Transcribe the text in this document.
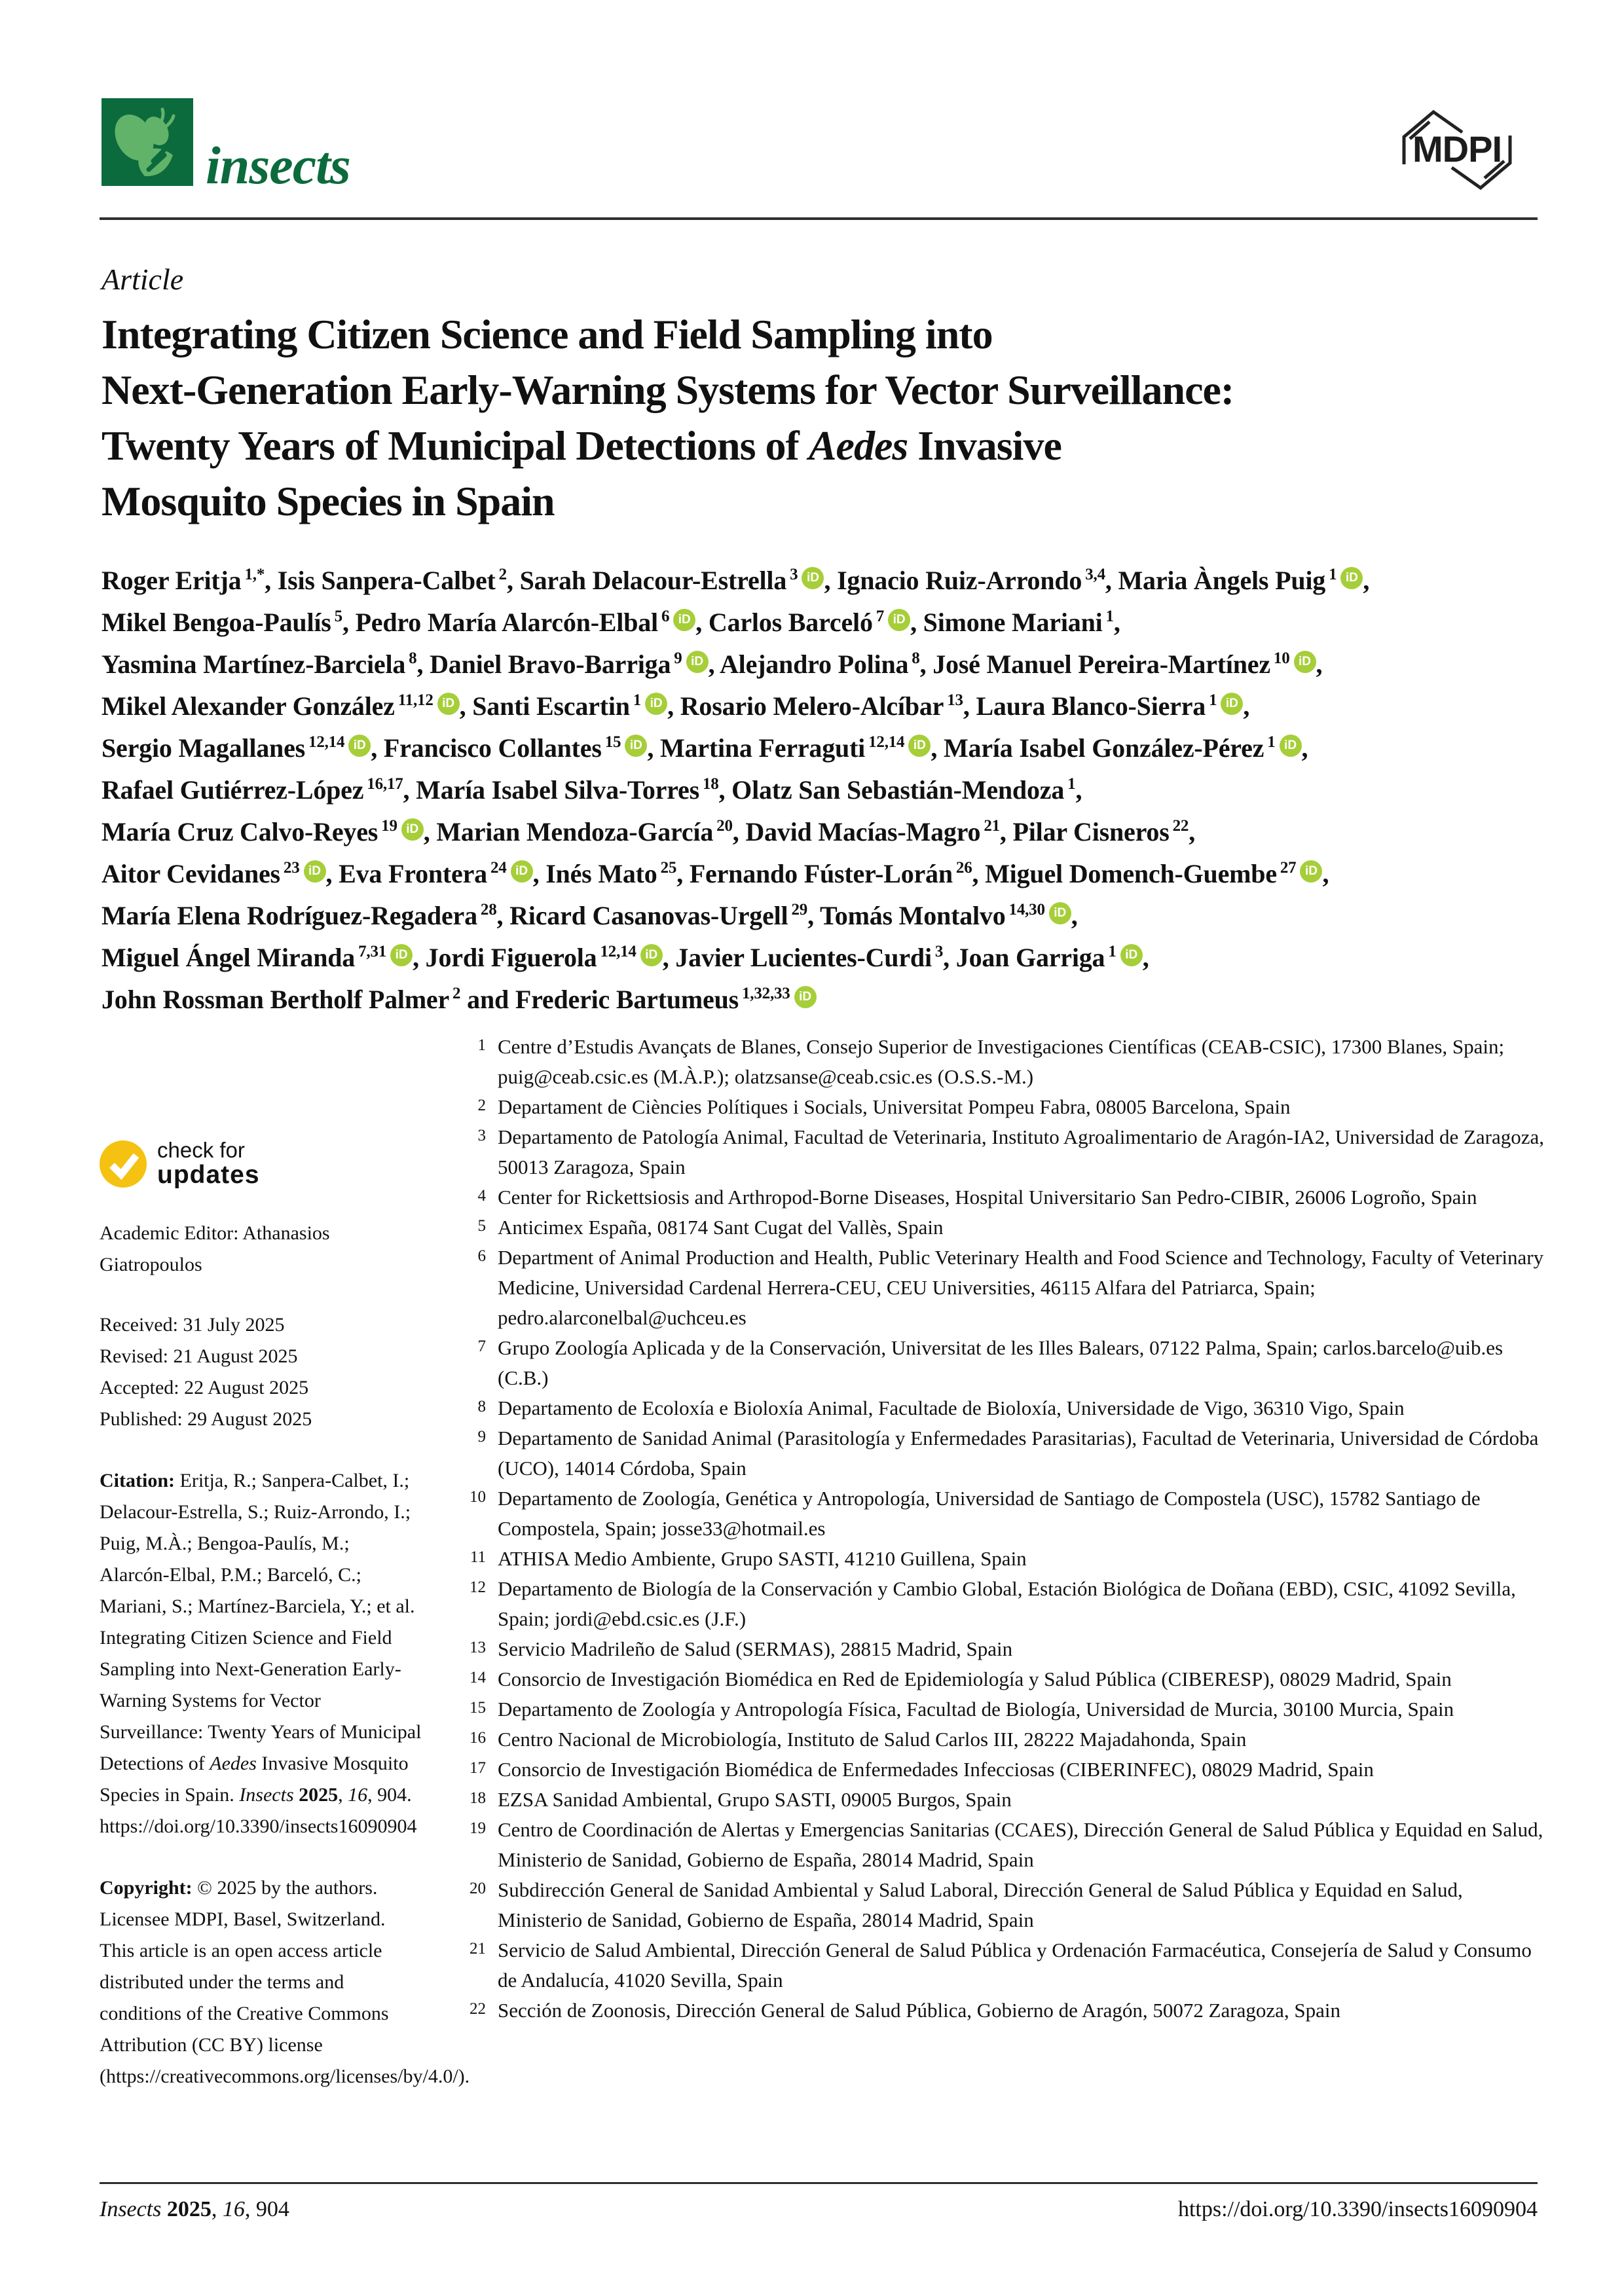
insects	MDPI
Article
Integrating Citizen Science and Field Sampling into
Next-Generation Early-Warning Systems for Vector Surveillance:
Twenty Years of Municipal Detections of Aedes Invasive
Mosquito Species in Spain
Roger Eritja $^{1,*}$, Isis Sanpera-Calbet $^2$, Sarah Delacour-Estrella $^3$ iD , Ignacio Ruiz-Arrondo $^{3,4}$, Maria Àngels Puig $^1$ iD ,
Mikel Bengoa-Paulís $^5$, Pedro María Alarcón-Elbal $^6$ iD , Carlos Barceló $^7$ iD , Simone Mariani $^1$,
Yasmina Martínez-Barciela $^8$, Daniel Bravo-Barriga $^9$ iD , Alejandro Polina $^8$, José Manuel Pereira-Martínez $^{10}$ iD ,
Mikel Alexander González $^{11,12}$ iD , Santi Escartin $^1$ iD , Rosario Melero-Alcíbar $^{13}$, Laura Blanco-Sierra $^1$ iD ,
Sergio Magallanes $^{12,14}$ iD , Francisco Collantes $^{15}$ iD , Martina Ferraguti $^{12,14}$ iD , María Isabel González-Pérez $^1$ iD ,
Rafael Gutiérrez-López $^{16,17}$, María Isabel Silva-Torres $^{18}$, Olatz San Sebastián-Mendoza $^1$,
María Cruz Calvo-Reyes $^{19}$ iD , Marian Mendoza-García $^{20}$, David Macías-Magro $^{21}$, Pilar Cisneros $^{22}$,
Aitor Cevidanes $^{23}$ iD , Eva Frontera $^{24}$ iD , Inés Mato $^{25}$, Fernando Fúster-Lorán $^{26}$, Miguel Domench-Guembe $^{27}$ iD ,
María Elena Rodríguez-Regadera $^{28}$, Ricard Casanovas-Urgell $^{29}$, Tomás Montalvo $^{14,30}$ iD ,
Miguel Ángel Miranda $^{7,31}$ iD , Jordi Figuerola $^{12,14}$ iD , Javier Lucientes-Curdi $^3$, Joan Garriga $^1$ iD ,
John Rossman Bertholf Palmer $^2$ and Frederic Bartumeus $^{1,32,33}$ iD
1 Centre d’Estudis Avançats de Blanes, Consejo Superior de Investigaciones Científicas (CEAB-CSIC), 17300 Blanes, Spain; puig@ceab.csic.es (M.À.P.); olatzsanse@ceab.csic.es (O.S.S.-M.)
2 Departament de Ciències Polítiques i Socials, Universitat Pompeu Fabra, 08005 Barcelona, Spain
3 Departamento de Patología Animal, Facultad de Veterinaria, Instituto Agroalimentario de Aragón-IA2, Universidad de Zaragoza, 50013 Zaragoza, Spain
4 Center for Rickettsiosis and Arthropod-Borne Diseases, Hospital Universitario San Pedro-CIBIR, 26006 Logroño, Spain
5 Anticimex España, 08174 Sant Cugat del Vallès, Spain
6 Department of Animal Production and Health, Public Veterinary Health and Food Science and Technology, Faculty of Veterinary Medicine, Universidad Cardenal Herrera-CEU, CEU Universities, 46115 Alfara del Patriarca, Spain; pedro.alarconelbal@uchceu.es
7 Grupo Zoología Aplicada y de la Conservación, Universitat de les Illes Balears, 07122 Palma, Spain; carlos.barcelo@uib.es (C.B.)
8 Departamento de Ecoloxía e Bioloxía Animal, Facultade de Bioloxía, Universidade de Vigo, 36310 Vigo, Spain
9 Departamento de Sanidad Animal (Parasitología y Enfermedades Parasitarias), Facultad de Veterinaria, Universidad de Córdoba (UCO), 14014 Córdoba, Spain
10 Departamento de Zoología, Genética y Antropología, Universidad de Santiago de Compostela (USC), 15782 Santiago de Compostela, Spain; josse33@hotmail.es
11 ATHISA Medio Ambiente, Grupo SASTI, 41210 Guillena, Spain
12 Departamento de Biología de la Conservación y Cambio Global, Estación Biológica de Doñana (EBD), CSIC, 41092 Sevilla, Spain; jordi@ebd.csic.es (J.F.)
13 Servicio Madrileño de Salud (SERMAS), 28815 Madrid, Spain
14 Consorcio de Investigación Biomédica en Red de Epidemiología y Salud Pública (CIBERESP), 08029 Madrid, Spain
15 Departamento de Zoología y Antropología Física, Facultad de Biología, Universidad de Murcia, 30100 Murcia, Spain
16 Centro Nacional de Microbiología, Instituto de Salud Carlos III, 28222 Majadahonda, Spain
17 Consorcio de Investigación Biomédica de Enfermedades Infecciosas (CIBERINFEC), 08029 Madrid, Spain
18 EZSA Sanidad Ambiental, Grupo SASTI, 09005 Burgos, Spain
19 Centro de Coordinación de Alertas y Emergencias Sanitarias (CCAES), Dirección General de Salud Pública y Equidad en Salud, Ministerio de Sanidad, Gobierno de España, 28014 Madrid, Spain
20 Subdirección General de Sanidad Ambiental y Salud Laboral, Dirección General de Salud Pública y Equidad en Salud, Ministerio de Sanidad, Gobierno de España, 28014 Madrid, Spain
21 Servicio de Salud Ambiental, Dirección General de Salud Pública y Ordenación Farmacéutica, Consejería de Salud y Consumo de Andalucía, 41020 Sevilla, Spain
22 Sección de Zoonosis, Dirección General de Salud Pública, Gobierno de Aragón, 50072 Zaragoza, Spain
check for
updates
Academic Editor: Athanasios Giatropoulos
Received: 31 July 2025
Revised: 21 August 2025
Accepted: 22 August 2025
Published: 29 August 2025
Citation: Eritja, R.; Sanpera-Calbet, I.; Delacour-Estrella, S.; Ruiz-Arrondo, I.; Puig, M.À.; Bengoa-Paulís, M.; Alarcón-Elbal, P.M.; Barceló, C.; Mariani, S.; Martínez-Barciela, Y.; et al. Integrating Citizen Science and Field Sampling into Next-Generation Early-Warning Systems for Vector Surveillance: Twenty Years of Municipal Detections of Aedes Invasive Mosquito Species in Spain. Insects 2025, 16, 904. https://doi.org/10.3390/insects16090904
Copyright: © 2025 by the authors. Licensee MDPI, Basel, Switzerland. This article is an open access article distributed under the terms and conditions of the Creative Commons Attribution (CC BY) license (https://creativecommons.org/licenses/by/4.0/).
Insects 2025, 16, 904	https://doi.org/10.3390/insects16090904
